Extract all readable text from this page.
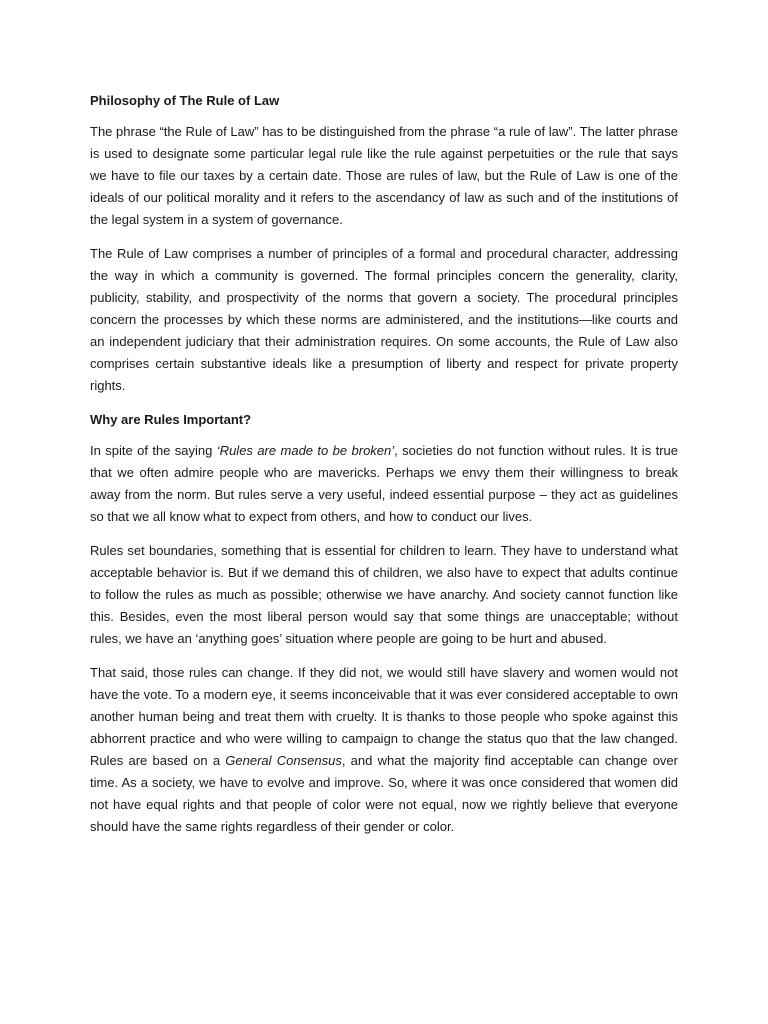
Philosophy of The Rule of Law

The phrase “the Rule of Law” has to be distinguished from the phrase “a rule of law”. The latter phrase is used to designate some particular legal rule like the rule against perpetuities or the rule that says we have to file our taxes by a certain date. Those are rules of law, but the Rule of Law is one of the ideals of our political morality and it refers to the ascendancy of law as such and of the institutions of the legal system in a system of governance.

The Rule of Law comprises a number of principles of a formal and procedural character, addressing the way in which a community is governed. The formal principles concern the generality, clarity, publicity, stability, and prospectivity of the norms that govern a society. The procedural principles concern the processes by which these norms are administered, and the institutions—like courts and an independent judiciary that their administration requires. On some accounts, the Rule of Law also comprises certain substantive ideals like a presumption of liberty and respect for private property rights.

Why are Rules Important?

In spite of the saying ‘Rules are made to be broken’, societies do not function without rules. It is true that we often admire people who are mavericks. Perhaps we envy them their willingness to break away from the norm. But rules serve a very useful, indeed essential purpose – they act as guidelines so that we all know what to expect from others, and how to conduct our lives.

Rules set boundaries, something that is essential for children to learn. They have to understand what acceptable behavior is. But if we demand this of children, we also have to expect that adults continue to follow the rules as much as possible; otherwise we have anarchy. And society cannot function like this. Besides, even the most liberal person would say that some things are unacceptable; without rules, we have an ‘anything goes’ situation where people are going to be hurt and abused.

That said, those rules can change. If they did not, we would still have slavery and women would not have the vote. To a modern eye, it seems inconceivable that it was ever considered acceptable to own another human being and treat them with cruelty. It is thanks to those people who spoke against this abhorrent practice and who were willing to campaign to change the status quo that the law changed. Rules are based on a General Consensus, and what the majority find acceptable can change over time. As a society, we have to evolve and improve. So, where it was once considered that women did not have equal rights and that people of color were not equal, now we rightly believe that everyone should have the same rights regardless of their gender or color.
